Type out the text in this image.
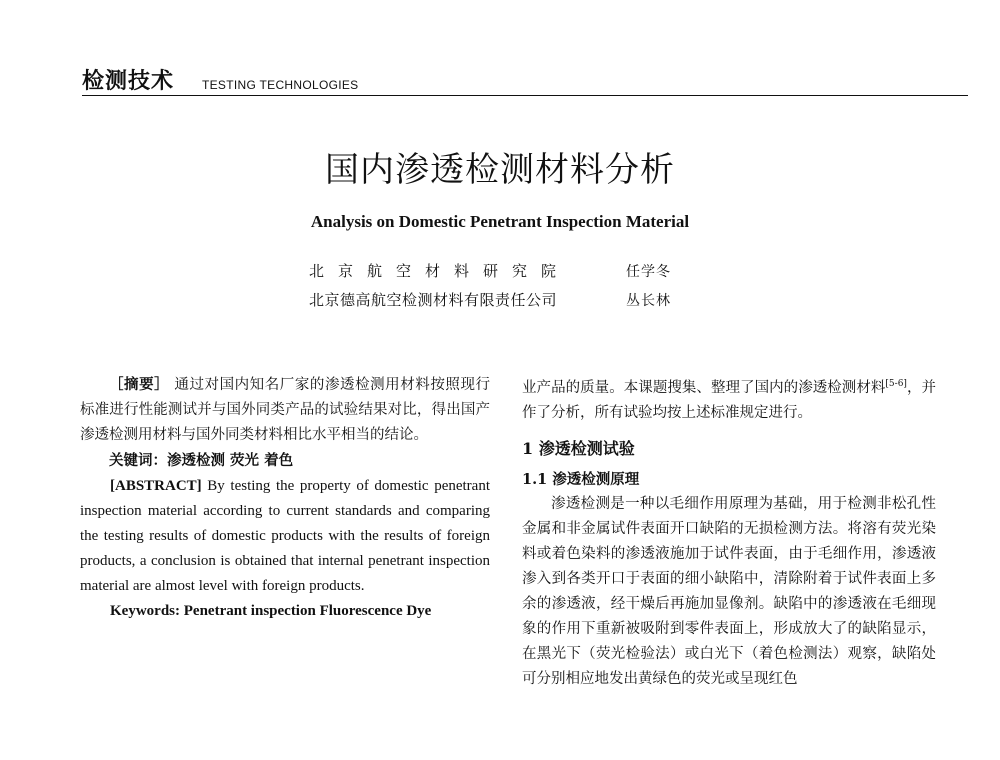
检测技术 TESTING TECHNOLOGIES
国内渗透检测材料分析
Analysis on Domestic Penetrant Inspection Material
北京航空材料研究院	任学冬
北京德高航空检测材料有限责任公司	丛长林
［摘要］ 通过对国内知名厂家的渗透检测用材料按照现行标准进行性能测试并与国外同类产品的试验结果对比，得出国产渗透检测用材料与国外同类材料相比水平相当的结论。
关键词：渗透检测 荧光 着色
[ABSTRACT] By testing the property of domestic penetrant inspection material according to current standards and comparing the testing results of domestic products with the results of foreign products, a conclusion is obtained that internal penetrant inspection material are almost level with foreign products.
Keywords: Penetrant inspection Fluorescence Dye
业产品的质量。本课题搜集、整理了国内的渗透检测材料[5-6]，并作了分析，所有试验均按上述标准规定进行。
1 渗透检测试验
1.1 渗透检测原理
渗透检测是一种以毛细作用原理为基础，用于检测非松孔性金属和非金属试件表面开口缺陷的无损检测方法。将溶有荧光染料或着色染料的渗透液施加于试件表面，由于毛细作用，渗透液渗入到各类开口于表面的细小缺陷中，清除附着于试件表面上多余的渗透液，经干燥后再施加显像剂。缺陷中的渗透液在毛细现象的作用下重新被吸附到零件表面上，形成放大了的缺陷显示，在黑光下（荧光检验法）或白光下（着色检测法）观察，缺陷处可分别相应地发出黄绿色的荧光或呈现红色
